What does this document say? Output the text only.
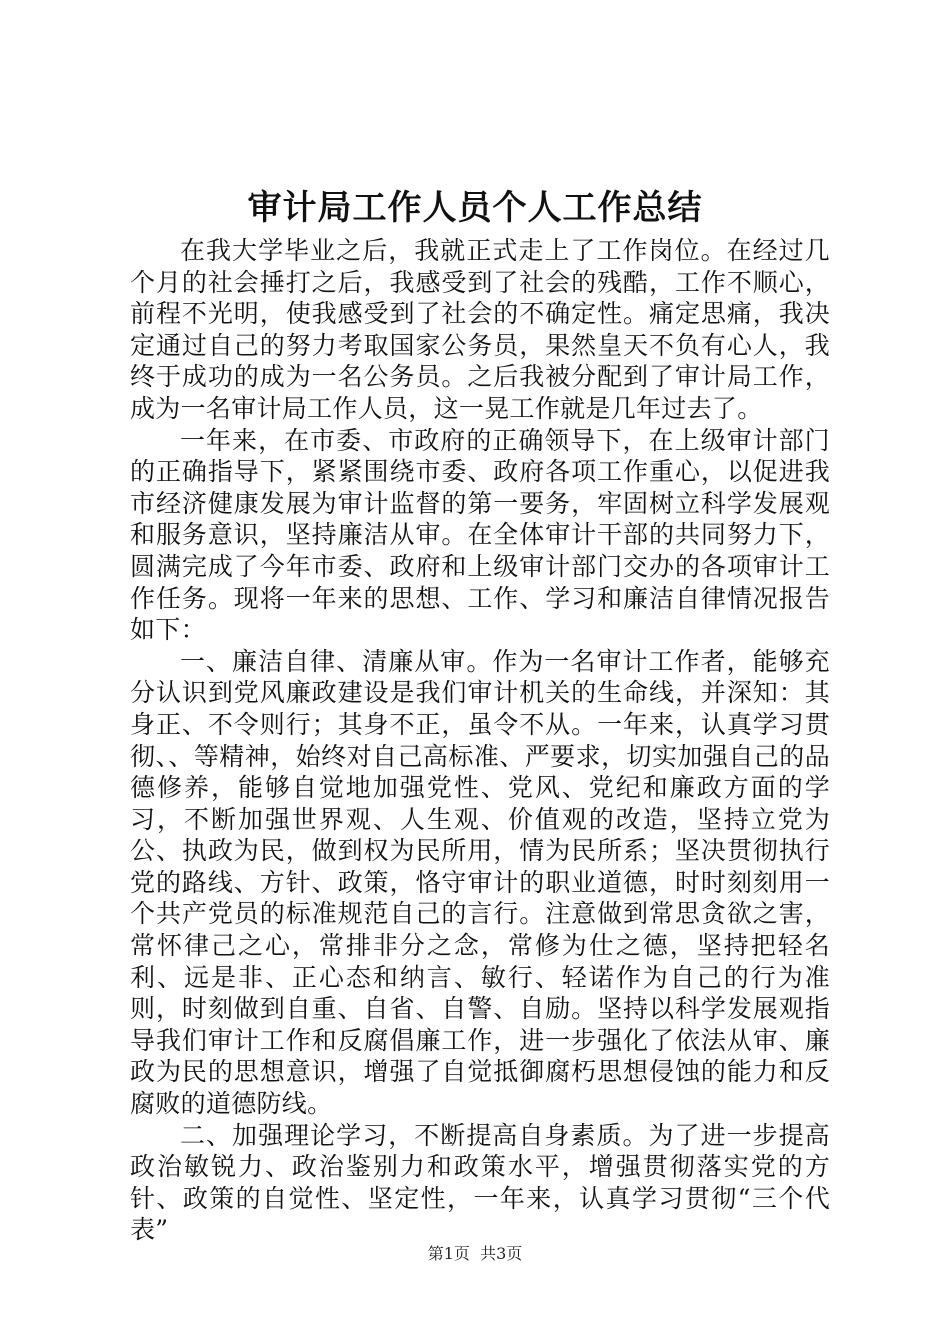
审计局工作人员个人工作总结

在我大学毕业之后，我就正式走上了工作岗位。在经过几个月的社会捶打之后，我感受到了社会的残酷，工作不顺心，前程不光明，使我感受到了社会的不确定性。痛定思痛，我决定通过自己的努力考取国家公务员，果然皇天不负有心人，我终于成功的成为一名公务员。之后我被分配到了审计局工作，成为一名审计局工作人员，这一晃工作就是几年过去了。

一年来，在市委、市政府的正确领导下，在上级审计部门的正确指导下，紧紧围绕市委、政府各项工作重心，以促进我市经济健康发展为审计监督的第一要务，牢固树立科学发展观和服务意识，坚持廉洁从审。在全体审计干部的共同努力下，圆满完成了今年市委、政府和上级审计部门交办的各项审计工作任务。现将一年来的思想、工作、学习和廉洁自律情况报告如下：

一、廉洁自律、清廉从审。作为一名审计工作者，能够充分认识到党风廉政建设是我们审计机关的生命线，并深知：其身正、不令则行；其身不正，虽令不从。一年来，认真学习贯彻、、等精神，始终对自己高标准、严要求，切实加强自己的品德修养，能够自觉地加强党性、党风、党纪和廉政方面的学习，不断加强世界观、人生观、价值观的改造，坚持立党为公、执政为民，做到权为民所用，情为民所系；坚决贯彻执行党的路线、方针、政策，恪守审计的职业道德，时时刻刻用一个共产党员的标准规范自己的言行。注意做到常思贪欲之害，常怀律己之心，常排非分之念，常修为仕之德，坚持把轻名利、远是非、正心态和纳言、敏行、轻诺作为自己的行为准则，时刻做到自重、自省、自警、自励。坚持以科学发展观指导我们审计工作和反腐倡廉工作，进一步强化了依法从审、廉政为民的思想意识，增强了自觉抵御腐朽思想侵蚀的能力和反腐败的道德防线。

二、加强理论学习，不断提高自身素质。为了进一步提高政治敏锐力、政治鉴别力和政策水平，增强贯彻落实党的方针、政策的自觉性、坚定性，一年来，认真学习贯彻“三个代表”

第1页 共3页
